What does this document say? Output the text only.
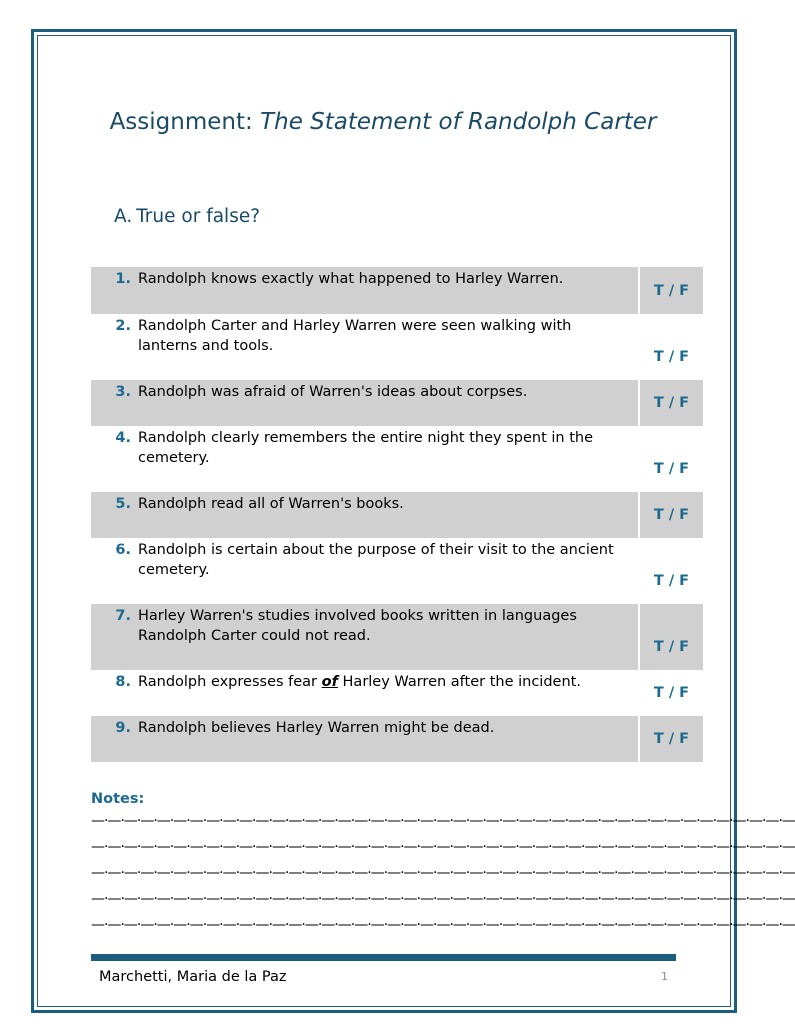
Assignment: The Statement of Randolph Carter
A. True or false?
1. Randolph knows exactly what happened to Harley Warren.
T / F
2. Randolph Carter and Harley Warren were seen walking with lanterns and tools.
T / F
3. Randolph was afraid of Warren's ideas about corpses.
T / F
4. Randolph clearly remembers the entire night they spent in the cemetery.
T / F
5. Randolph read all of Warren's books.
T / F
6. Randolph is certain about the purpose of their visit to the ancient cemetery.
T / F
7. Harley Warren's studies involved books written in languages Randolph Carter could not read.
T / F
8. Randolph expresses fear of Harley Warren after the incident.
T / F
9. Randolph believes Harley Warren might be dead.
T / F
Notes:
—·—·—·—·—·—·—·—·—·—·—·—·—·—·—·—·—·—·—·—·—·—·—·—·—·—·—·—·—·—·—·—·—·—·—·—·—·—·—·—·—·—·—
—·—·—·—·—·—·—·—·—·—·—·—·—·—·—·—·—·—·—·—·—·—·—·—·—·—·—·—·—·—·—·—·—·—·—·—·—·—·—·—·—·—·—
—·—·—·—·—·—·—·—·—·—·—·—·—·—·—·—·—·—·—·—·—·—·—·—·—·—·—·—·—·—·—·—·—·—·—·—·—·—·—·—·—·—·—
—·—·—·—·—·—·—·—·—·—·—·—·—·—·—·—·—·—·—·—·—·—·—·—·—·—·—·—·—·—·—·—·—·—·—·—·—·—·—·—·—·—·—
—·—·—·—·—·—·—·—·—·—·—·—·—·—·—·—·—·—·—·—·—·—·—·—·—·—·—·—·—·—·—·—·—·—·—·—·—·—·—·—·—·—·—
Marchetti, Maria de la Paz	1
